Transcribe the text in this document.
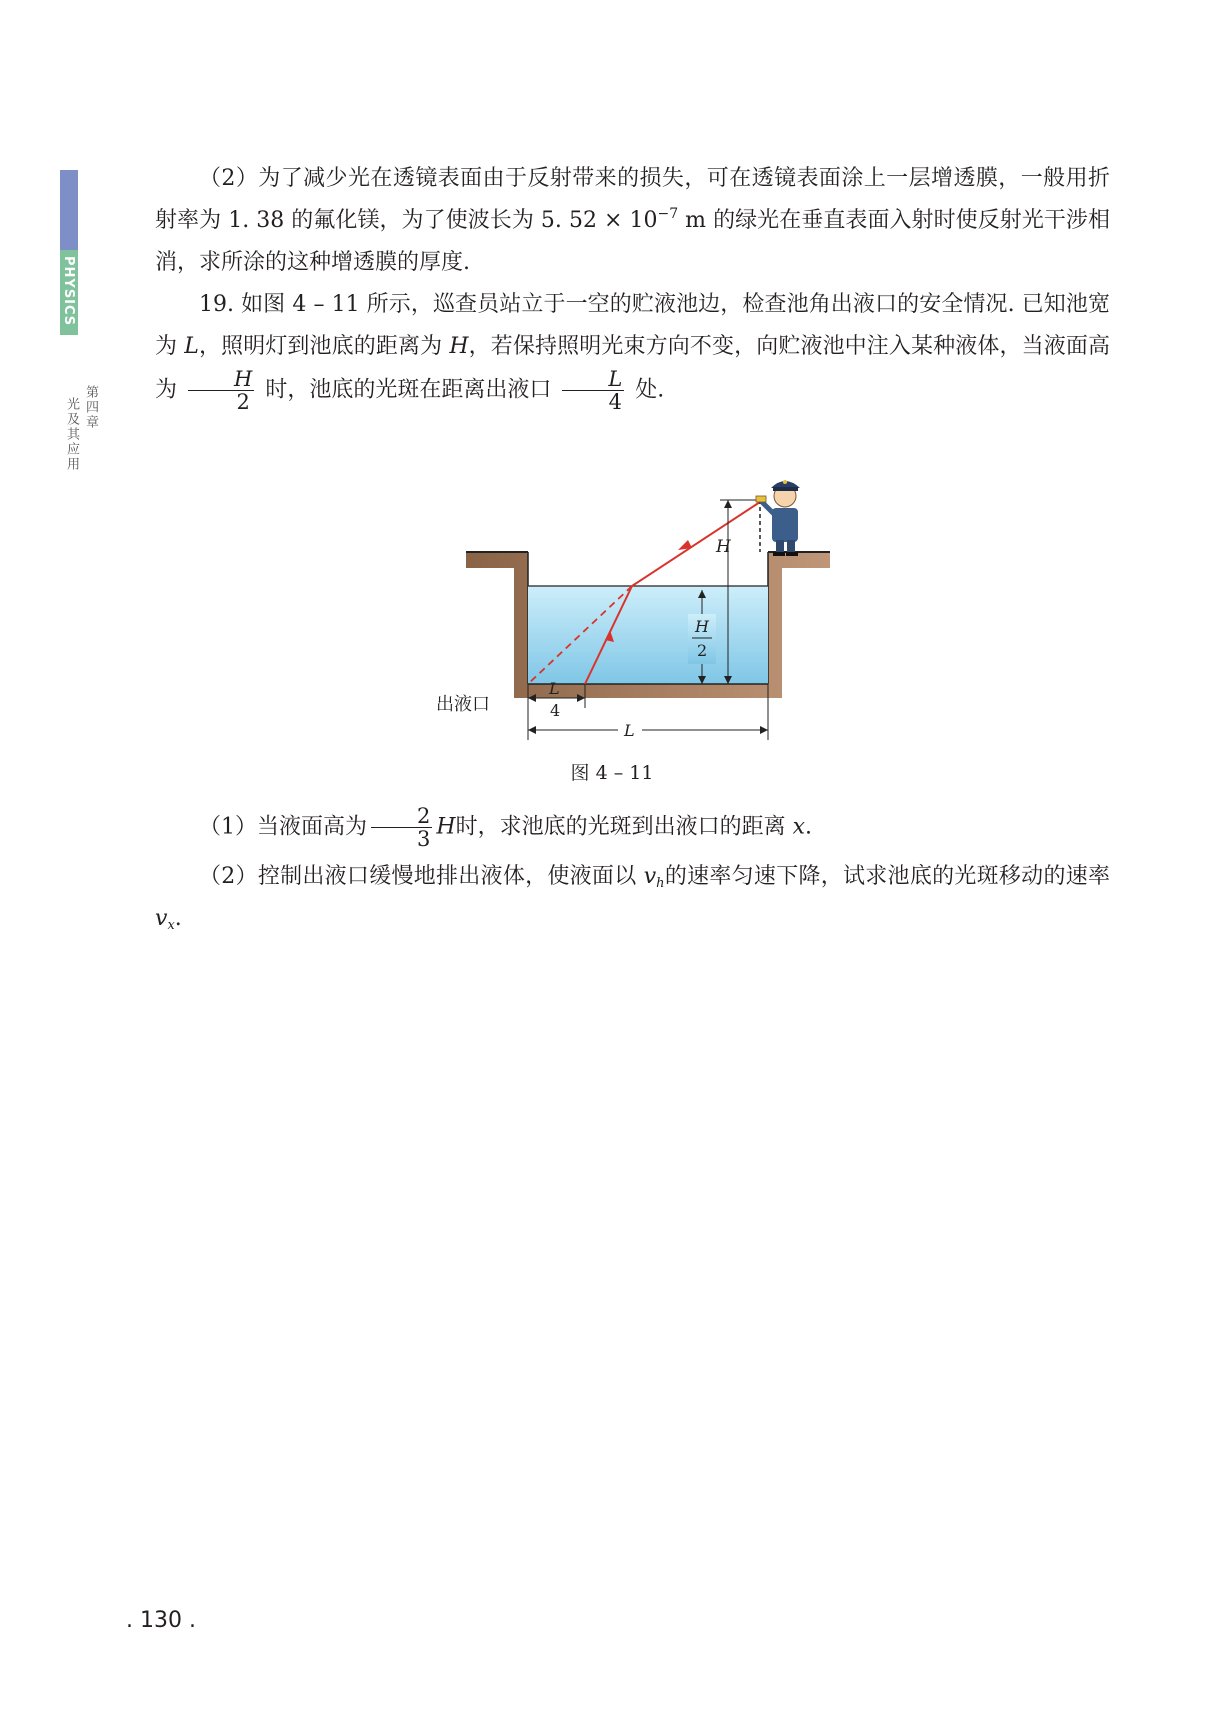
PHYSICS
第四章
光及其应用

（2）为了减少光在透镜表面由于反射带来的损失，可在透镜表面涂上一层增透膜，一般用折射率为 1. 38 的氟化镁，为了使波长为 5. $52 \times 10^{-7}$ m 的绿光在垂直表面入射时使反射光干涉相消，求所涂的这种增透膜的厚度.

19. 如图 4 – 11 所示，巡查员站立于一空的贮液池边，检查池角出液口的安全情况. 已知池宽为 L，照明灯到池底的距离为 H，若保持照明光束方向不变，向贮液池中注入某种液体，当液面高为 $\frac{H}{2}$ 时，池底的光斑在距离出液口 $\frac{L}{4}$ 处.

H
H
2
L
4
L
出液口
图 4 – 11

（1）当液面高为 $\frac{2}{3}$ H时，求池底的光斑到出液口的距离 x.

（2）控制出液口缓慢地排出液体，使液面以 $v_h$的速率匀速下降，试求池底的光斑移动的速率 $v_x$.

. 130 .
